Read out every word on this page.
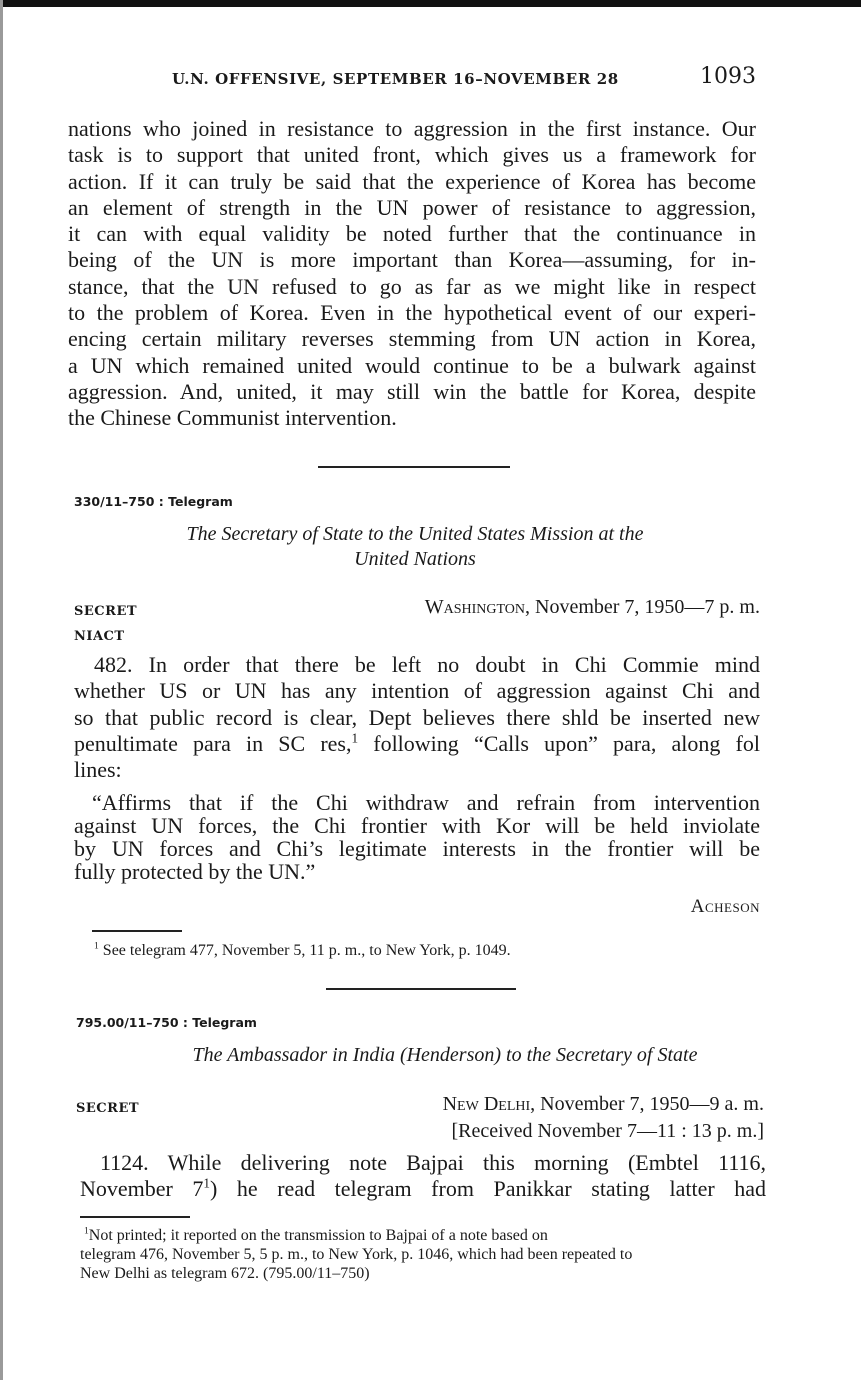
U.N. OFFENSIVE, SEPTEMBER 16–NOVEMBER 28	1093
nations who joined in resistance to aggression in the first instance. Our
task is to support that united front, which gives us a framework for
action. If it can truly be said that the experience of Korea has become
an element of strength in the UN power of resistance to aggression,
it can with equal validity be noted further that the continuance in
being of the UN is more important than Korea—assuming, for in-
stance, that the UN refused to go as far as we might like in respect
to the problem of Korea. Even in the hypothetical event of our experi-
encing certain military reverses stemming from UN action in Korea,
a UN which remained united would continue to be a bulwark against
aggression. And, united, it may still win the battle for Korea, despite
the Chinese Communist intervention.
330/11–750 : Telegram
The Secretary of State to the United States Mission at the
United Nations
SECRET
NIACT
Washington, November 7, 1950—7 p. m.
482. In order that there be left no doubt in Chi Commie mind
whether US or UN has any intention of aggression against Chi and
so that public record is clear, Dept believes there shld be inserted new
penultimate para in SC res,$^1$ following “Calls upon” para, along fol
lines:
“Affirms that if the Chi withdraw and refrain from intervention
against UN forces, the Chi frontier with Kor will be held inviolate
by UN forces and Chi’s legitimate interests in the frontier will be
fully protected by the UN.”
Acheson
$^1$ See telegram 477, November 5, 11 p. m., to New York, p. 1049.
795.00/11–750 : Telegram
The Ambassador in India (Henderson) to the Secretary of State
SECRET	New Delhi, November 7, 1950—9 a. m.
[Received November 7—11 : 13 p. m.]
1124. While delivering note Bajpai this morning (Embtel 1116,
November $7^1$) he read telegram from Panikkar stating latter had
$^1$Not printed; it reported on the transmission to Bajpai of a note based on
telegram 476, November 5, 5 p. m., to New York, p. 1046, which had been repeated to
New Delhi as telegram 672. (795.00/11–750)
